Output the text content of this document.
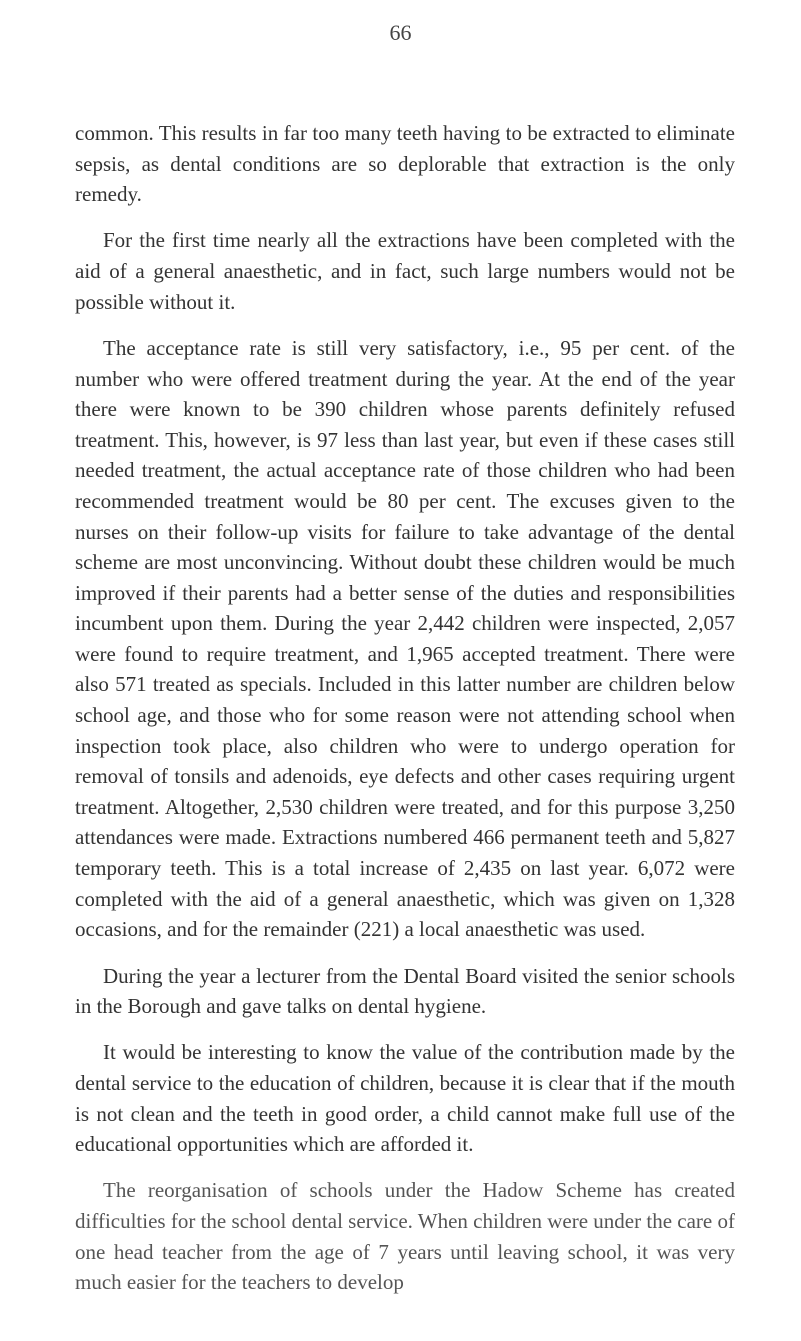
66

common. This results in far too many teeth having to be extracted to eliminate sepsis, as dental conditions are so deplorable that extraction is the only remedy.

For the first time nearly all the extractions have been completed with the aid of a general anaesthetic, and in fact, such large numbers would not be possible without it.

The acceptance rate is still very satisfactory, i.e., 95 per cent. of the number who were offered treatment during the year. At the end of the year there were known to be 390 children whose parents definitely refused treatment. This, however, is 97 less than last year, but even if these cases still needed treatment, the actual acceptance rate of those children who had been recommended treatment would be 80 per cent. The excuses given to the nurses on their follow-up visits for failure to take advantage of the dental scheme are most unconvincing. Without doubt these children would be much improved if their parents had a better sense of the duties and responsibilities incumbent upon them. During the year 2,442 children were inspected, 2,057 were found to require treatment, and 1,965 accepted treatment. There were also 571 treated as specials. Included in this latter number are children below school age, and those who for some reason were not attending school when inspection took place, also children who were to undergo operation for removal of tonsils and adenoids, eye defects and other cases requiring urgent treatment. Altogether, 2,530 children were treated, and for this purpose 3,250 attendances were made. Extractions numbered 466 permanent teeth and 5,827 temporary teeth. This is a total increase of 2,435 on last year. 6,072 were completed with the aid of a general anaesthetic, which was given on 1,328 occasions, and for the remainder (221) a local anaesthetic was used.

During the year a lecturer from the Dental Board visited the senior schools in the Borough and gave talks on dental hygiene.

It would be interesting to know the value of the contribution made by the dental service to the education of children, because it is clear that if the mouth is not clean and the teeth in good order, a child cannot make full use of the educational opportunities which are afforded it.

The reorganisation of schools under the Hadow Scheme has created difficulties for the school dental service. When children were under the care of one head teacher from the age of 7 years until leaving school, it was very much easier for the teachers to develop
